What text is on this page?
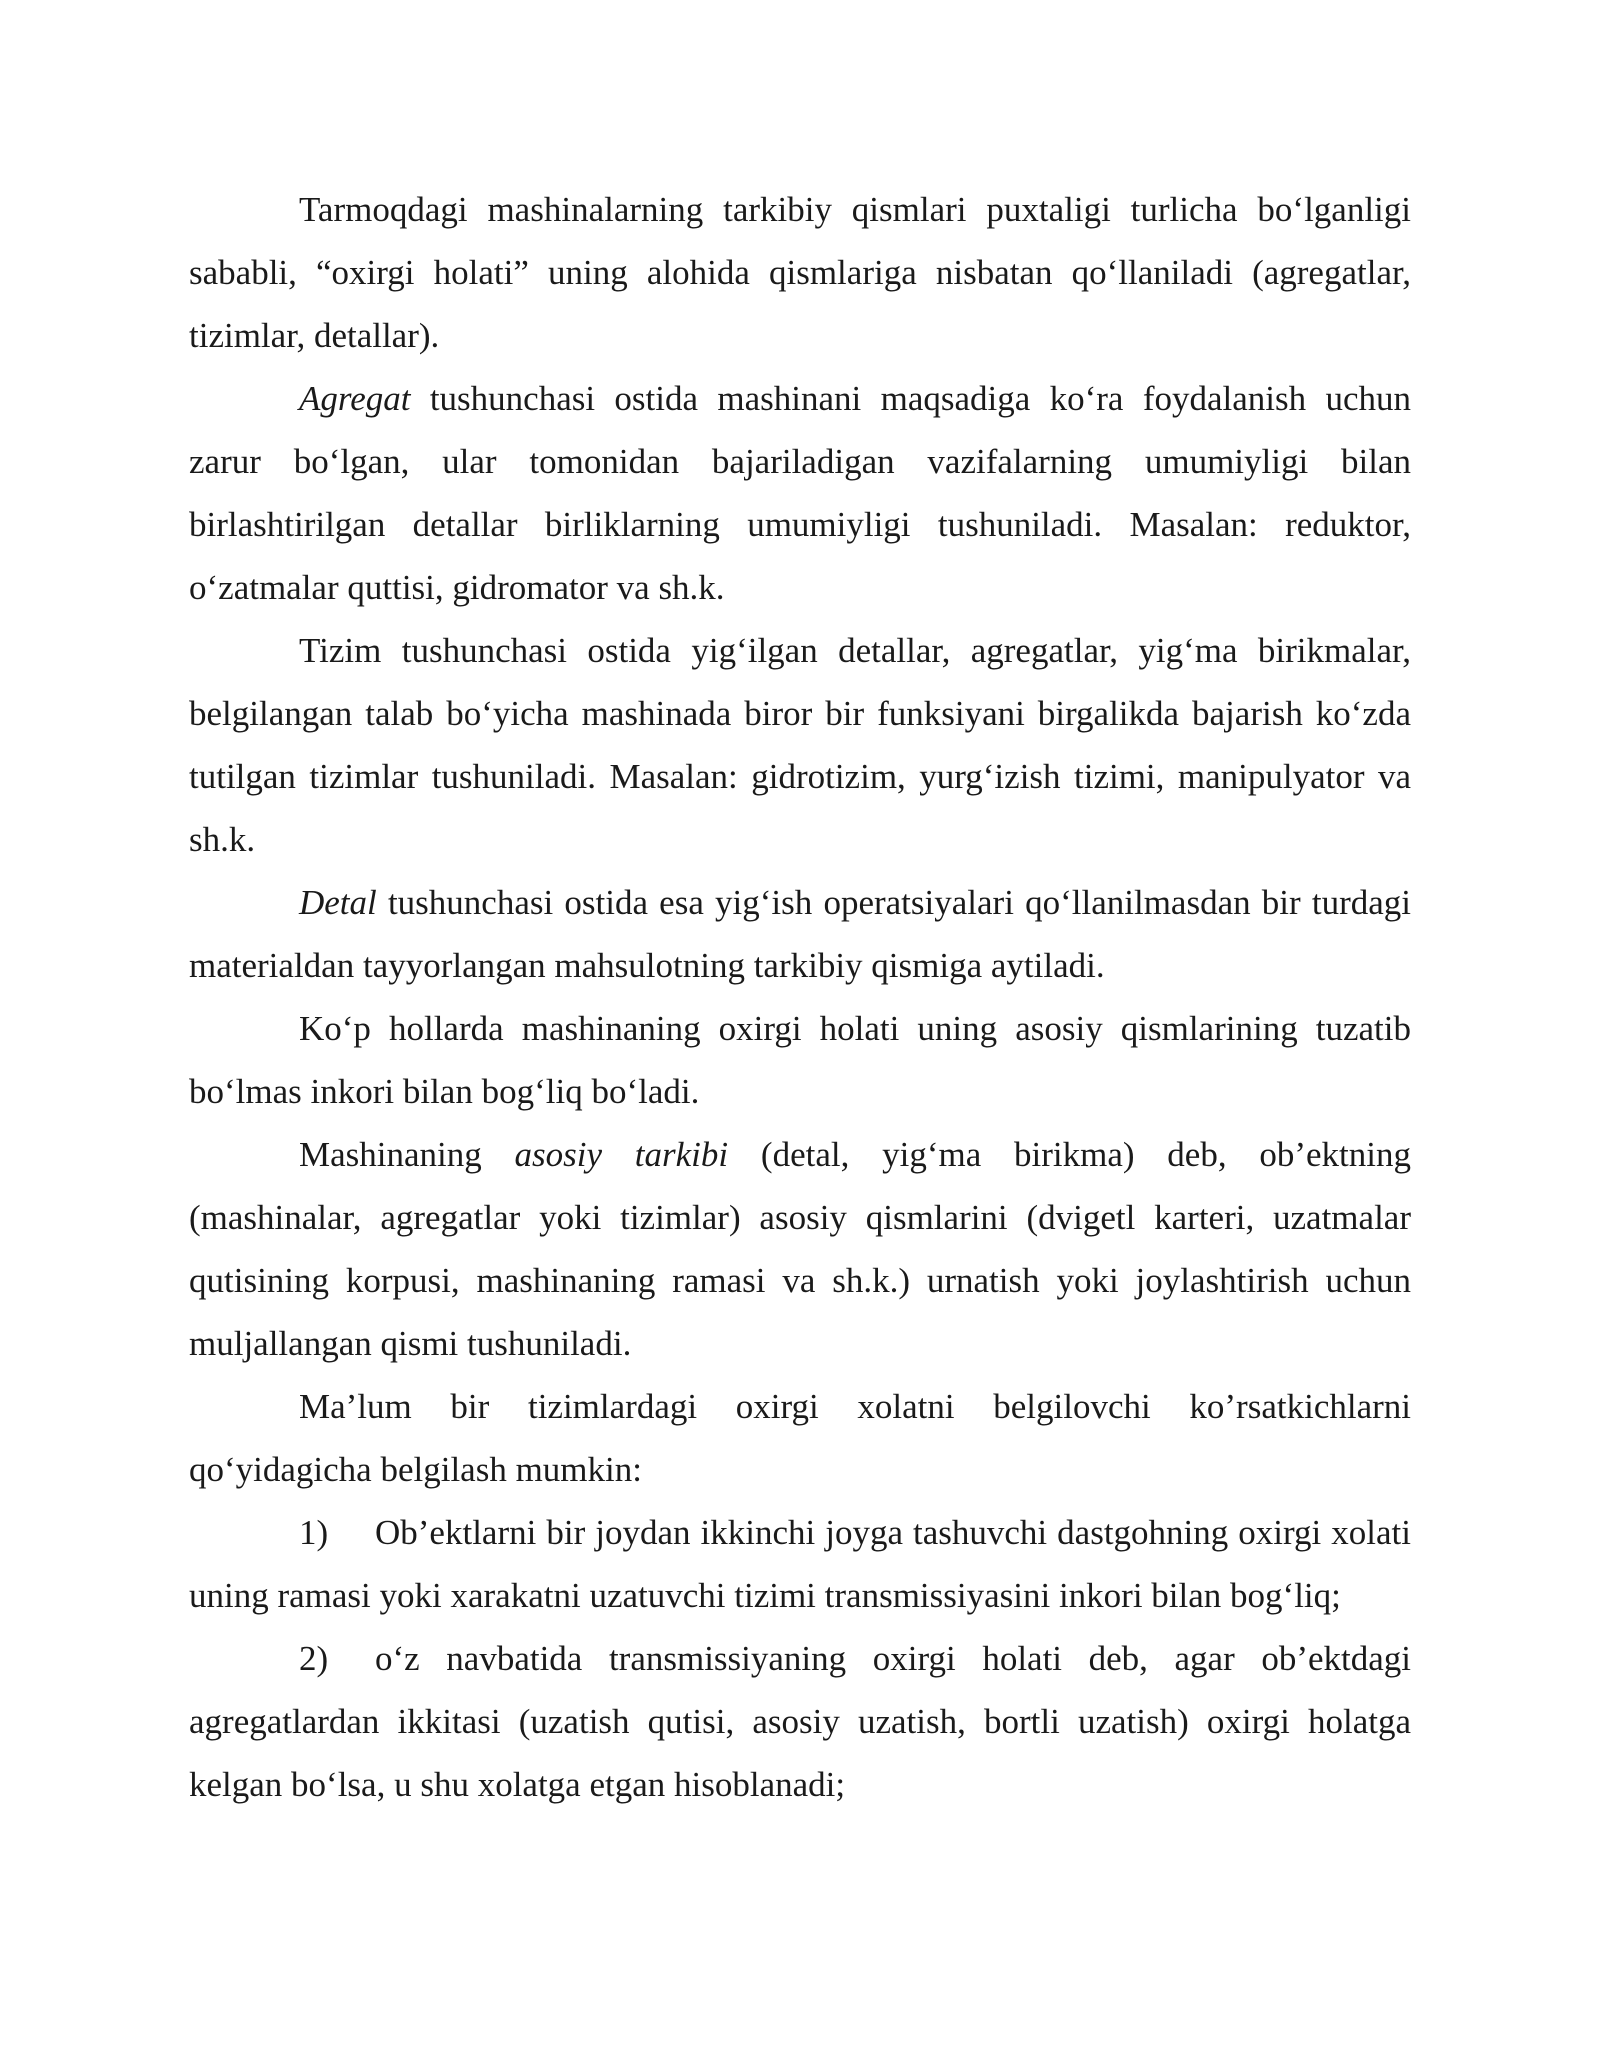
Tarmoqdagi mashinalarning tarkibiy qismlari puxtaligi turlicha bo‘lganligi sababli, “oxirgi holati” uning alohida qismlariga nisbatan qo‘llaniladi (agregatlar, tizimlar, detallar).

Agregat tushunchasi ostida mashinani maqsadiga ko‘ra foydalanish uchun zarur bo‘lgan, ular tomonidan bajariladigan vazifalarning umumiyligi bilan birlashtirilgan detallar birliklarning umumiyligi tushuniladi. Masalan: reduktor, o‘zatmalar quttisi, gidromator va sh.k.

Tizim tushunchasi ostida yig‘ilgan detallar, agregatlar, yig‘ma birikmalar, belgilangan talab bo‘yicha mashinada biror bir funksiyani birgalikda bajarish ko‘zda tutilgan tizimlar tushuniladi. Masalan: gidrotizim, yurg‘izish tizimi, manipulyator va sh.k.

Detal tushunchasi ostida esa yig‘ish operatsiyalari qo‘llanilmasdan bir turdagi materialdan tayyorlangan mahsulotning tarkibiy qismiga aytiladi.

Ko‘p hollarda mashinaning oxirgi holati uning asosiy qismlarining tuzatib bo‘lmas inkori bilan bog‘liq bo‘ladi.

Mashinaning asosiy tarkibi (detal, yig‘ma birikma) deb, ob’ektning (mashinalar, agregatlar yoki tizimlar) asosiy qismlarini (dvigetl karteri, uzatmalar qutisining korpusi, mashinaning ramasi va sh.k.) urnatish yoki joylashtirish uchun muljallangan qismi tushuniladi.

Ma’lum bir tizimlardagi oxirgi xolatni belgilovchi ko’rsatkichlarni qo‘yidagicha belgilash mumkin:

1) Ob’ektlarni bir joydan ikkinchi joyga tashuvchi dastgohning oxirgi xolati uning ramasi yoki xarakatni uzatuvchi tizimi transmissiyasini inkori bilan bog‘liq;

2) o‘z navbatida transmissiyaning oxirgi holati deb, agar ob’ektdagi agregatlardan ikkitasi (uzatish qutisi, asosiy uzatish, bortli uzatish) oxirgi holatga kelgan bo‘lsa, u shu xolatga etgan hisoblanadi;
